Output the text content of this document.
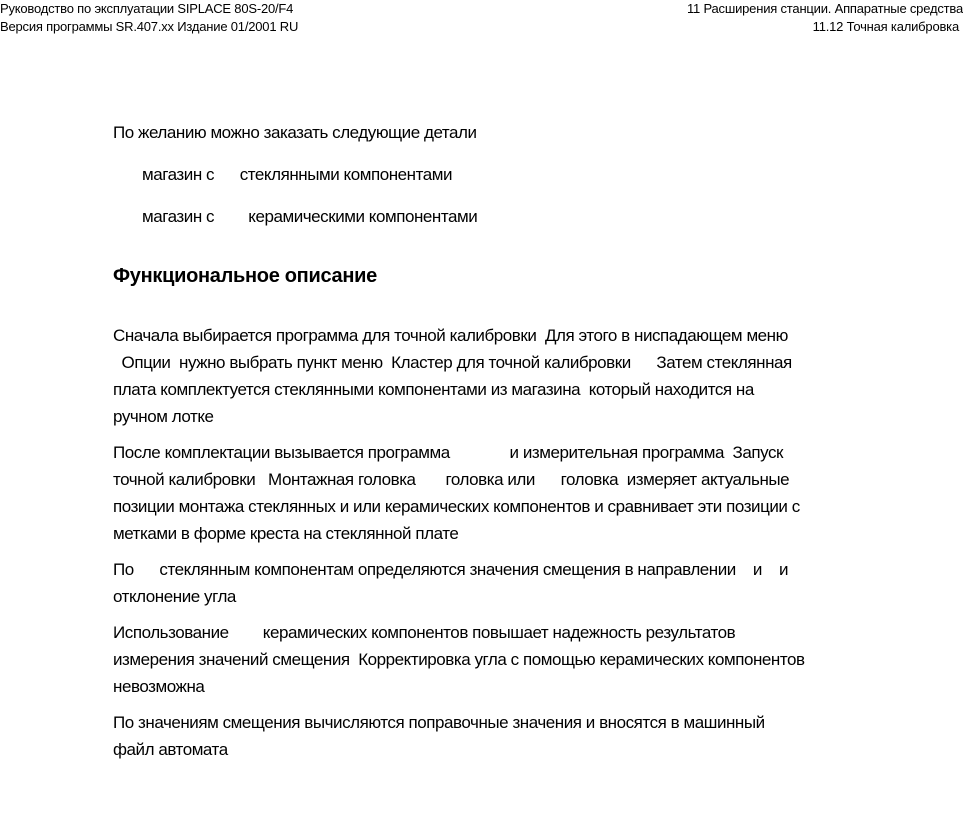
Руководство по эксплуатации SIPLACE 80S-20/F4
Версия программы SR.407.xx Издание 01/2001 RU
11 Расширения станции. Аппаратные средства
11.12 Точная калибровка

По желанию можно заказать следующие детали

магазин с      стеклянными компонентами

магазин с        керамическими компонентами

Функциональное описание

Сначала выбирается программа для точной калибровки  Для этого в ниспадающем меню
Опции  нужно выбрать пункт меню  Кластер для точной калибровки      Затем стеклянная
плата комплектуется стеклянными компонентами из магазина  который находится на
ручном лотке

После комплектации вызывается программа              и измерительная программа  Запуск
точной калибровки   Монтажная головка       головка или      головка  измеряет актуальные
позиции монтажа стеклянных и или керамических компонентов и сравнивает эти позиции с
метками в форме креста на стеклянной плате

По      стеклянным компонентам определяются значения смещения в направлении    и    и
отклонение угла

Использование        керамических компонентов повышает надежность результатов
измерения значений смещения  Корректировка угла с помощью керамических компонентов
невозможна

По значениям смещения вычисляются поправочные значения и вносятся в машинный
файл автомата
